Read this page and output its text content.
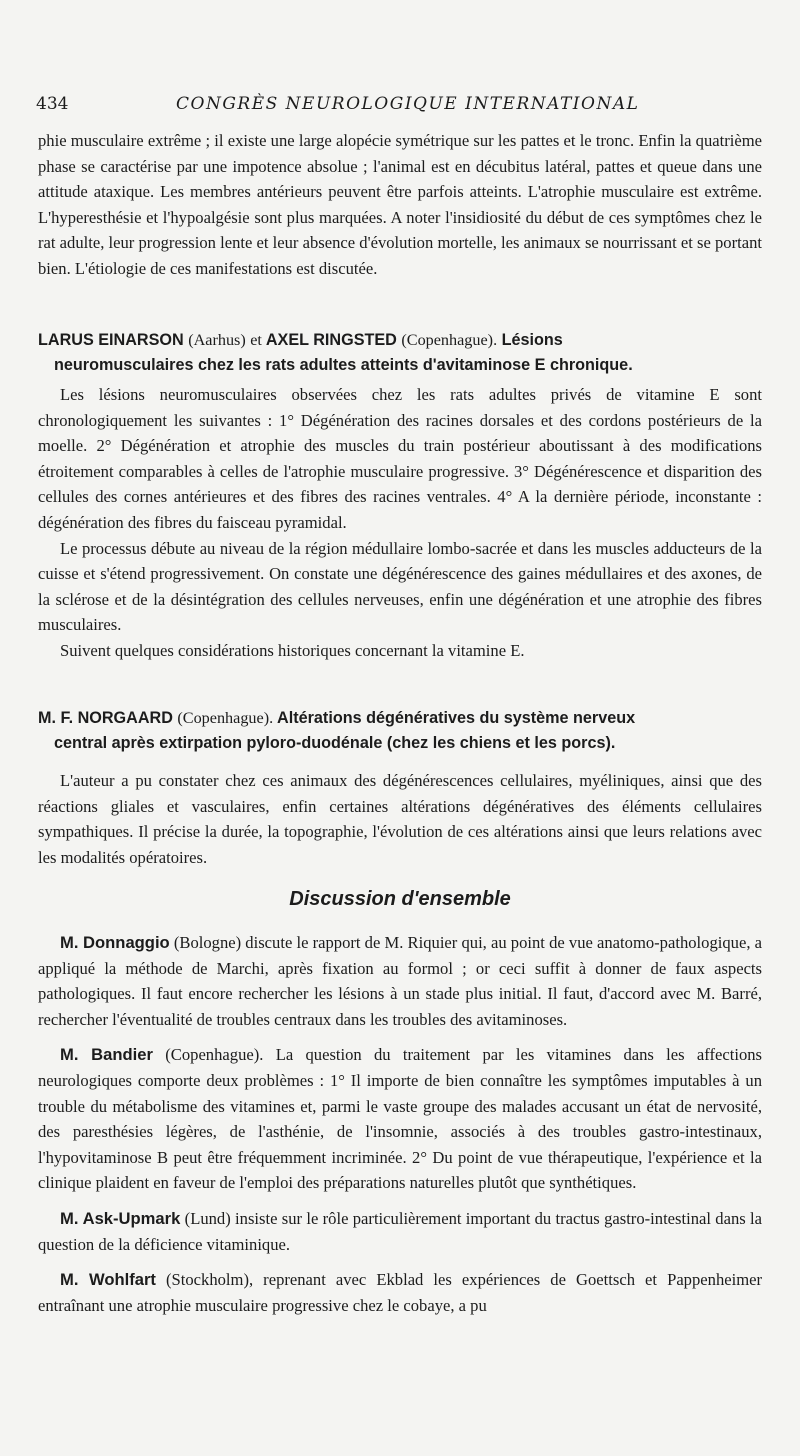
434	CONGRÈS NEUROLOGIQUE INTERNATIONAL

phie musculaire extrême ; il existe une large alopécie symétrique sur les pattes et le tronc. Enfin la quatrième phase se caractérise par une impotence absolue ; l'animal est en décubitus latéral, pattes et queue dans une attitude ataxique. Les membres antérieurs peuvent être parfois atteints. L'atrophie musculaire est extrême. L'hyperesthésie et l'hypoalgésie sont plus marquées. A noter l'insidiosité du début de ces symptômes chez le rat adulte, leur progression lente et leur absence d'évolution mortelle, les animaux se nourrissant et se portant bien. L'étiologie de ces manifestations est discutée.

LARUS EINARSON (Aarhus) et AXEL RINGSTED (Copenhague). Lésions
neuromusculaires chez les rats adultes atteints d'avitaminose E chronique.

Les lésions neuromusculaires observées chez les rats adultes privés de vitamine E sont chronologiquement les suivantes : 1° Dégénération des racines dorsales et des cordons postérieurs de la moelle. 2° Dégénération et atrophie des muscles du train postérieur aboutissant à des modifications étroitement comparables à celles de l'atrophie musculaire progressive. 3° Dégénérescence et disparition des cellules des cornes antérieures et des fibres des racines ventrales. 4° A la dernière période, inconstante : dégénération des fibres du faisceau pyramidal.

Le processus débute au niveau de la région médullaire lombo-sacrée et dans les muscles adducteurs de la cuisse et s'étend progressivement. On constate une dégénérescence des gaines médullaires et des axones, de la sclérose et de la désintégration des cellules nerveuses, enfin une dégénération et une atrophie des fibres musculaires.

Suivent quelques considérations historiques concernant la vitamine E.

M. F. NORGAARD (Copenhague). Altérations dégénératives du système nerveux
central après extirpation pyloro-duodénale (chez les chiens et les porcs).

L'auteur a pu constater chez ces animaux des dégénérescences cellulaires, myéliniques, ainsi que des réactions gliales et vasculaires, enfin certaines altérations dégénératives des éléments cellulaires sympathiques. Il précise la durée, la topographie, l'évolution de ces altérations ainsi que leurs relations avec les modalités opératoires.

Discussion d'ensemble

M. Donnaggio (Bologne) discute le rapport de M. Riquier qui, au point de vue anatomo-pathologique, a appliqué la méthode de Marchi, après fixation au formol ; or ceci suffit à donner de faux aspects pathologiques. Il faut encore rechercher les lésions à un stade plus initial. Il faut, d'accord avec M. Barré, rechercher l'éventualité de troubles centraux dans les troubles des avitaminoses.

M. Bandier (Copenhague). La question du traitement par les vitamines dans les affections neurologiques comporte deux problèmes : 1° Il importe de bien connaître les symptômes imputables à un trouble du métabolisme des vitamines et, parmi le vaste groupe des malades accusant un état de nervosité, des paresthésies légères, de l'asthénie, de l'insomnie, associés à des troubles gastro-intestinaux, l'hypovitaminose B peut être fréquemment incriminée. 2° Du point de vue thérapeutique, l'expérience et la clinique plaident en faveur de l'emploi des préparations naturelles plutôt que synthétiques.

M. Ask-Upmark (Lund) insiste sur le rôle particulièrement important du tractus gastro-intestinal dans la question de la déficience vitaminique.

M. Wohlfart (Stockholm), reprenant avec Ekblad les expériences de Goettsch et Pappenheimer entraînant une atrophie musculaire progressive chez le cobaye, a pu
